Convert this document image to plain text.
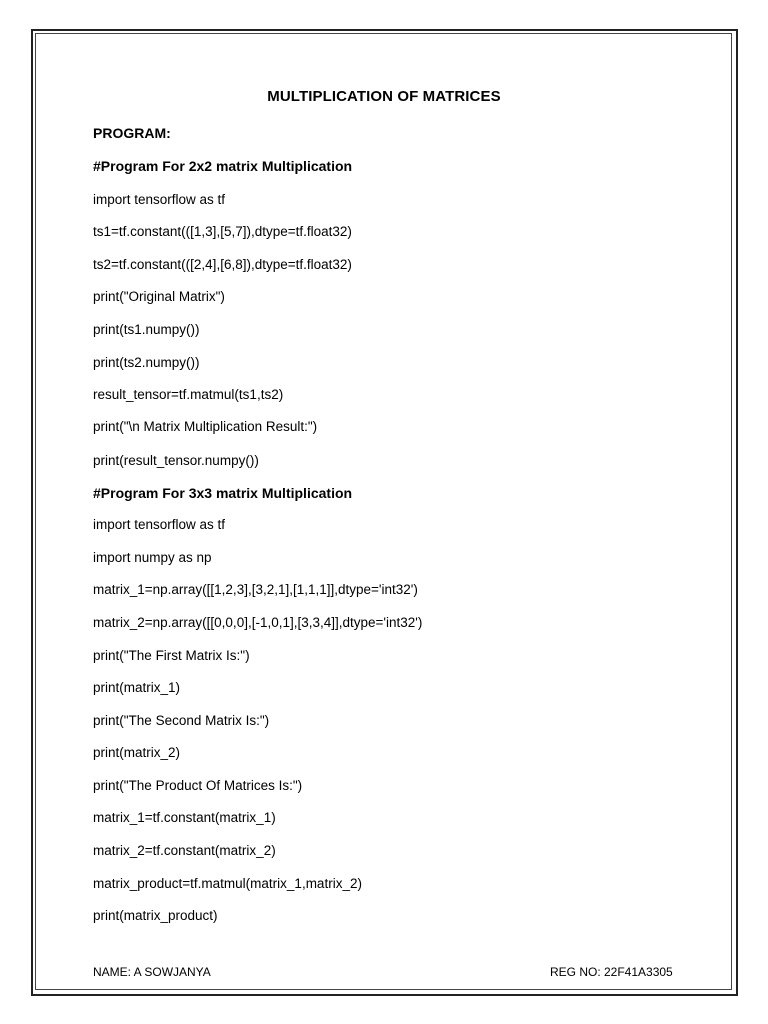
MULTIPLICATION OF MATRICES
PROGRAM:
#Program For 2x2 matrix Multiplication
import tensorflow as tf
ts1=tf.constant(([1,3],[5,7]),dtype=tf.float32)
ts2=tf.constant(([2,4],[6,8]),dtype=tf.float32)
print("Original Matrix")
print(ts1.numpy())
print(ts2.numpy())
result_tensor=tf.matmul(ts1,ts2)
print("\n Matrix Multiplication Result:")
print(result_tensor.numpy())
#Program For 3x3 matrix Multiplication
import tensorflow as tf
import numpy as np
matrix_1=np.array([[1,2,3],[3,2,1],[1,1,1]],dtype='int32')
matrix_2=np.array([[0,0,0],[-1,0,1],[3,3,4]],dtype='int32')
print("The First Matrix Is:")
print(matrix_1)
print("The Second Matrix Is:")
print(matrix_2)
print("The Product Of Matrices Is:")
matrix_1=tf.constant(matrix_1)
matrix_2=tf.constant(matrix_2)
matrix_product=tf.matmul(matrix_1,matrix_2)
print(matrix_product)
NAME: A SOWJANYA	REG NO: 22F41A3305
